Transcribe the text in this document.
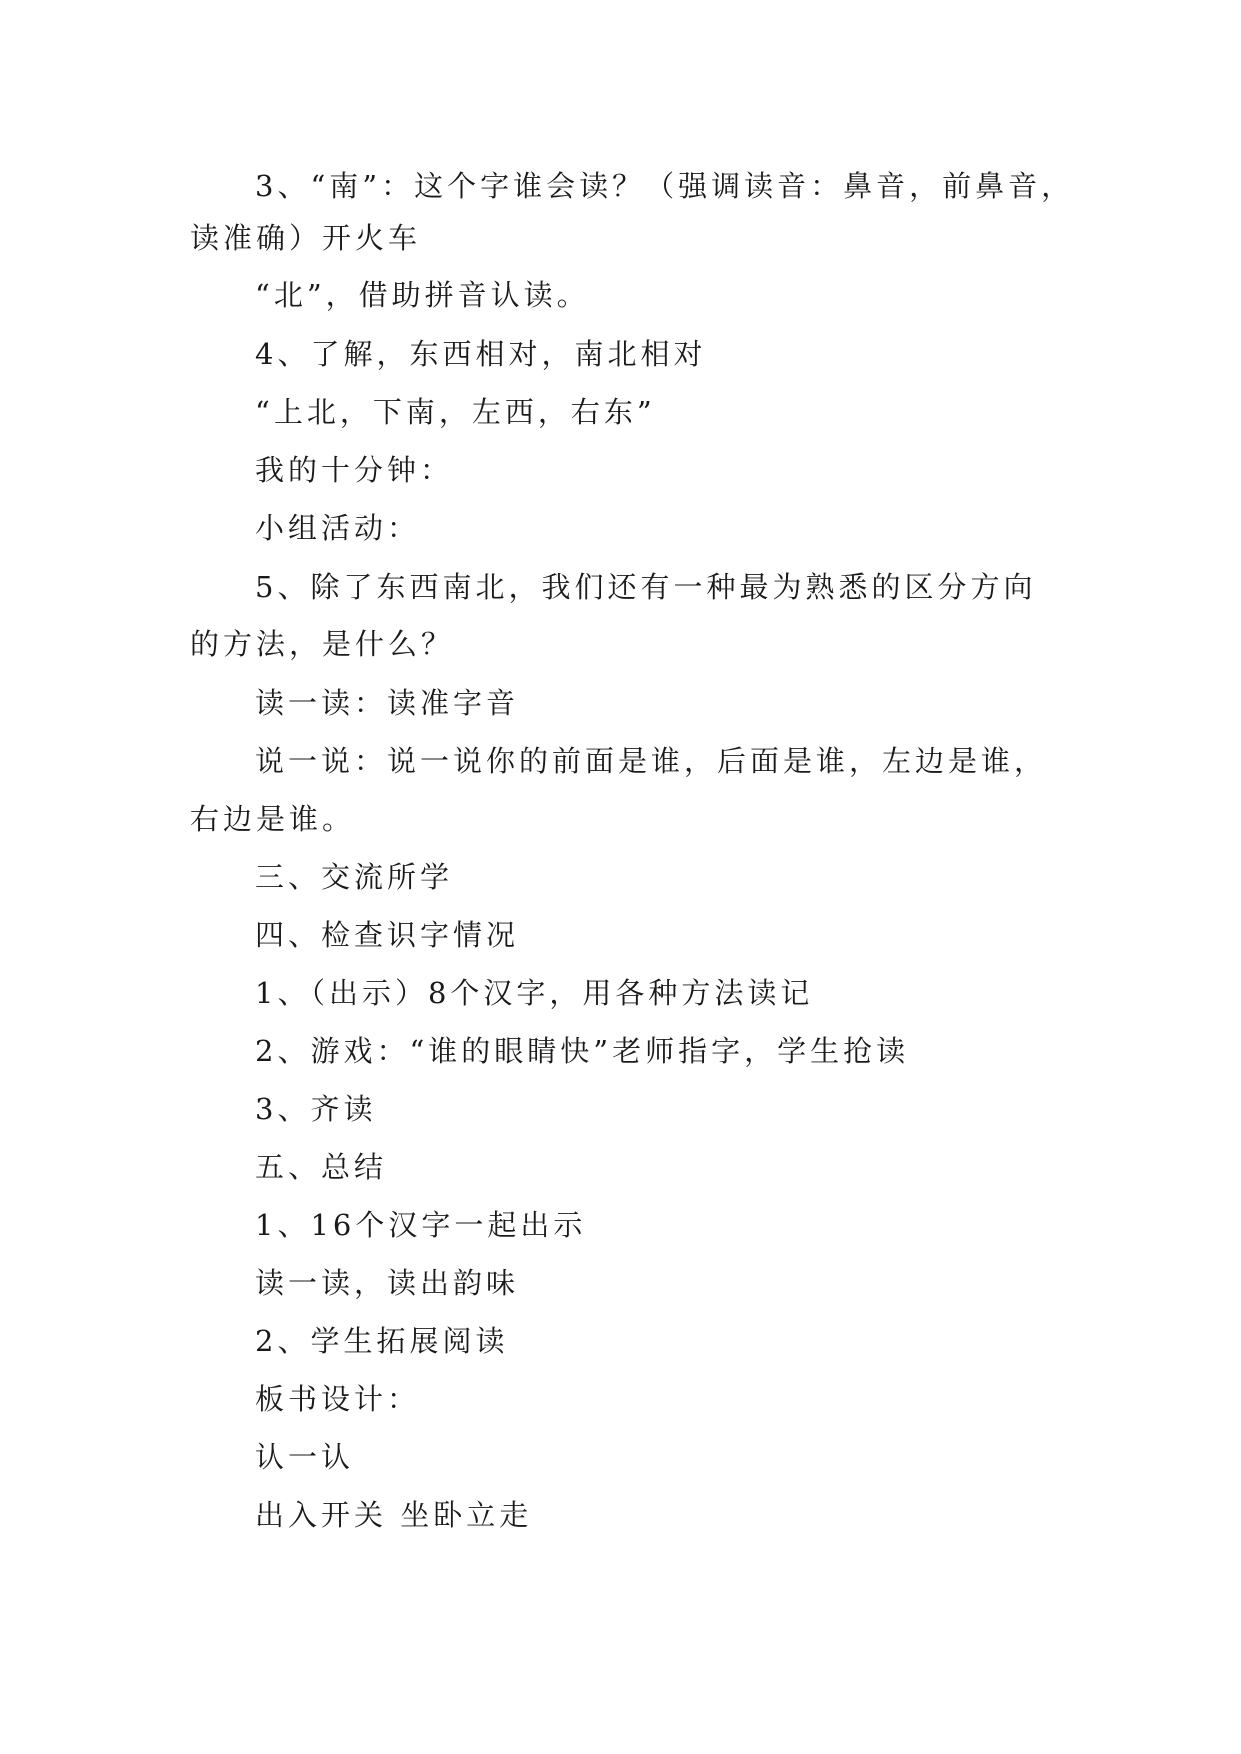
3、“南”：这个字谁会读？（强调读音：鼻音，前鼻音，

读准确）开火车

“北”，借助拼音认读。

4、了解，东西相对，南北相对

“上北，下南，左西，右东”

我的十分钟：

小组活动：

5、除了东西南北，我们还有一种最为熟悉的区分方向

的方法，是什么？

读一读：读准字音

说一说：说一说你的前面是谁，后面是谁，左边是谁，

右边是谁。

三、交流所学

四、检查识字情况

1、（出示）8个汉字，用各种方法读记

2、游戏：“谁的眼睛快”老师指字，学生抢读

3、齐读

五、总结

1、16个汉字一起出示

读一读，读出韵味

2、学生拓展阅读

板书设计：

认一认

出入开关 坐卧立走
